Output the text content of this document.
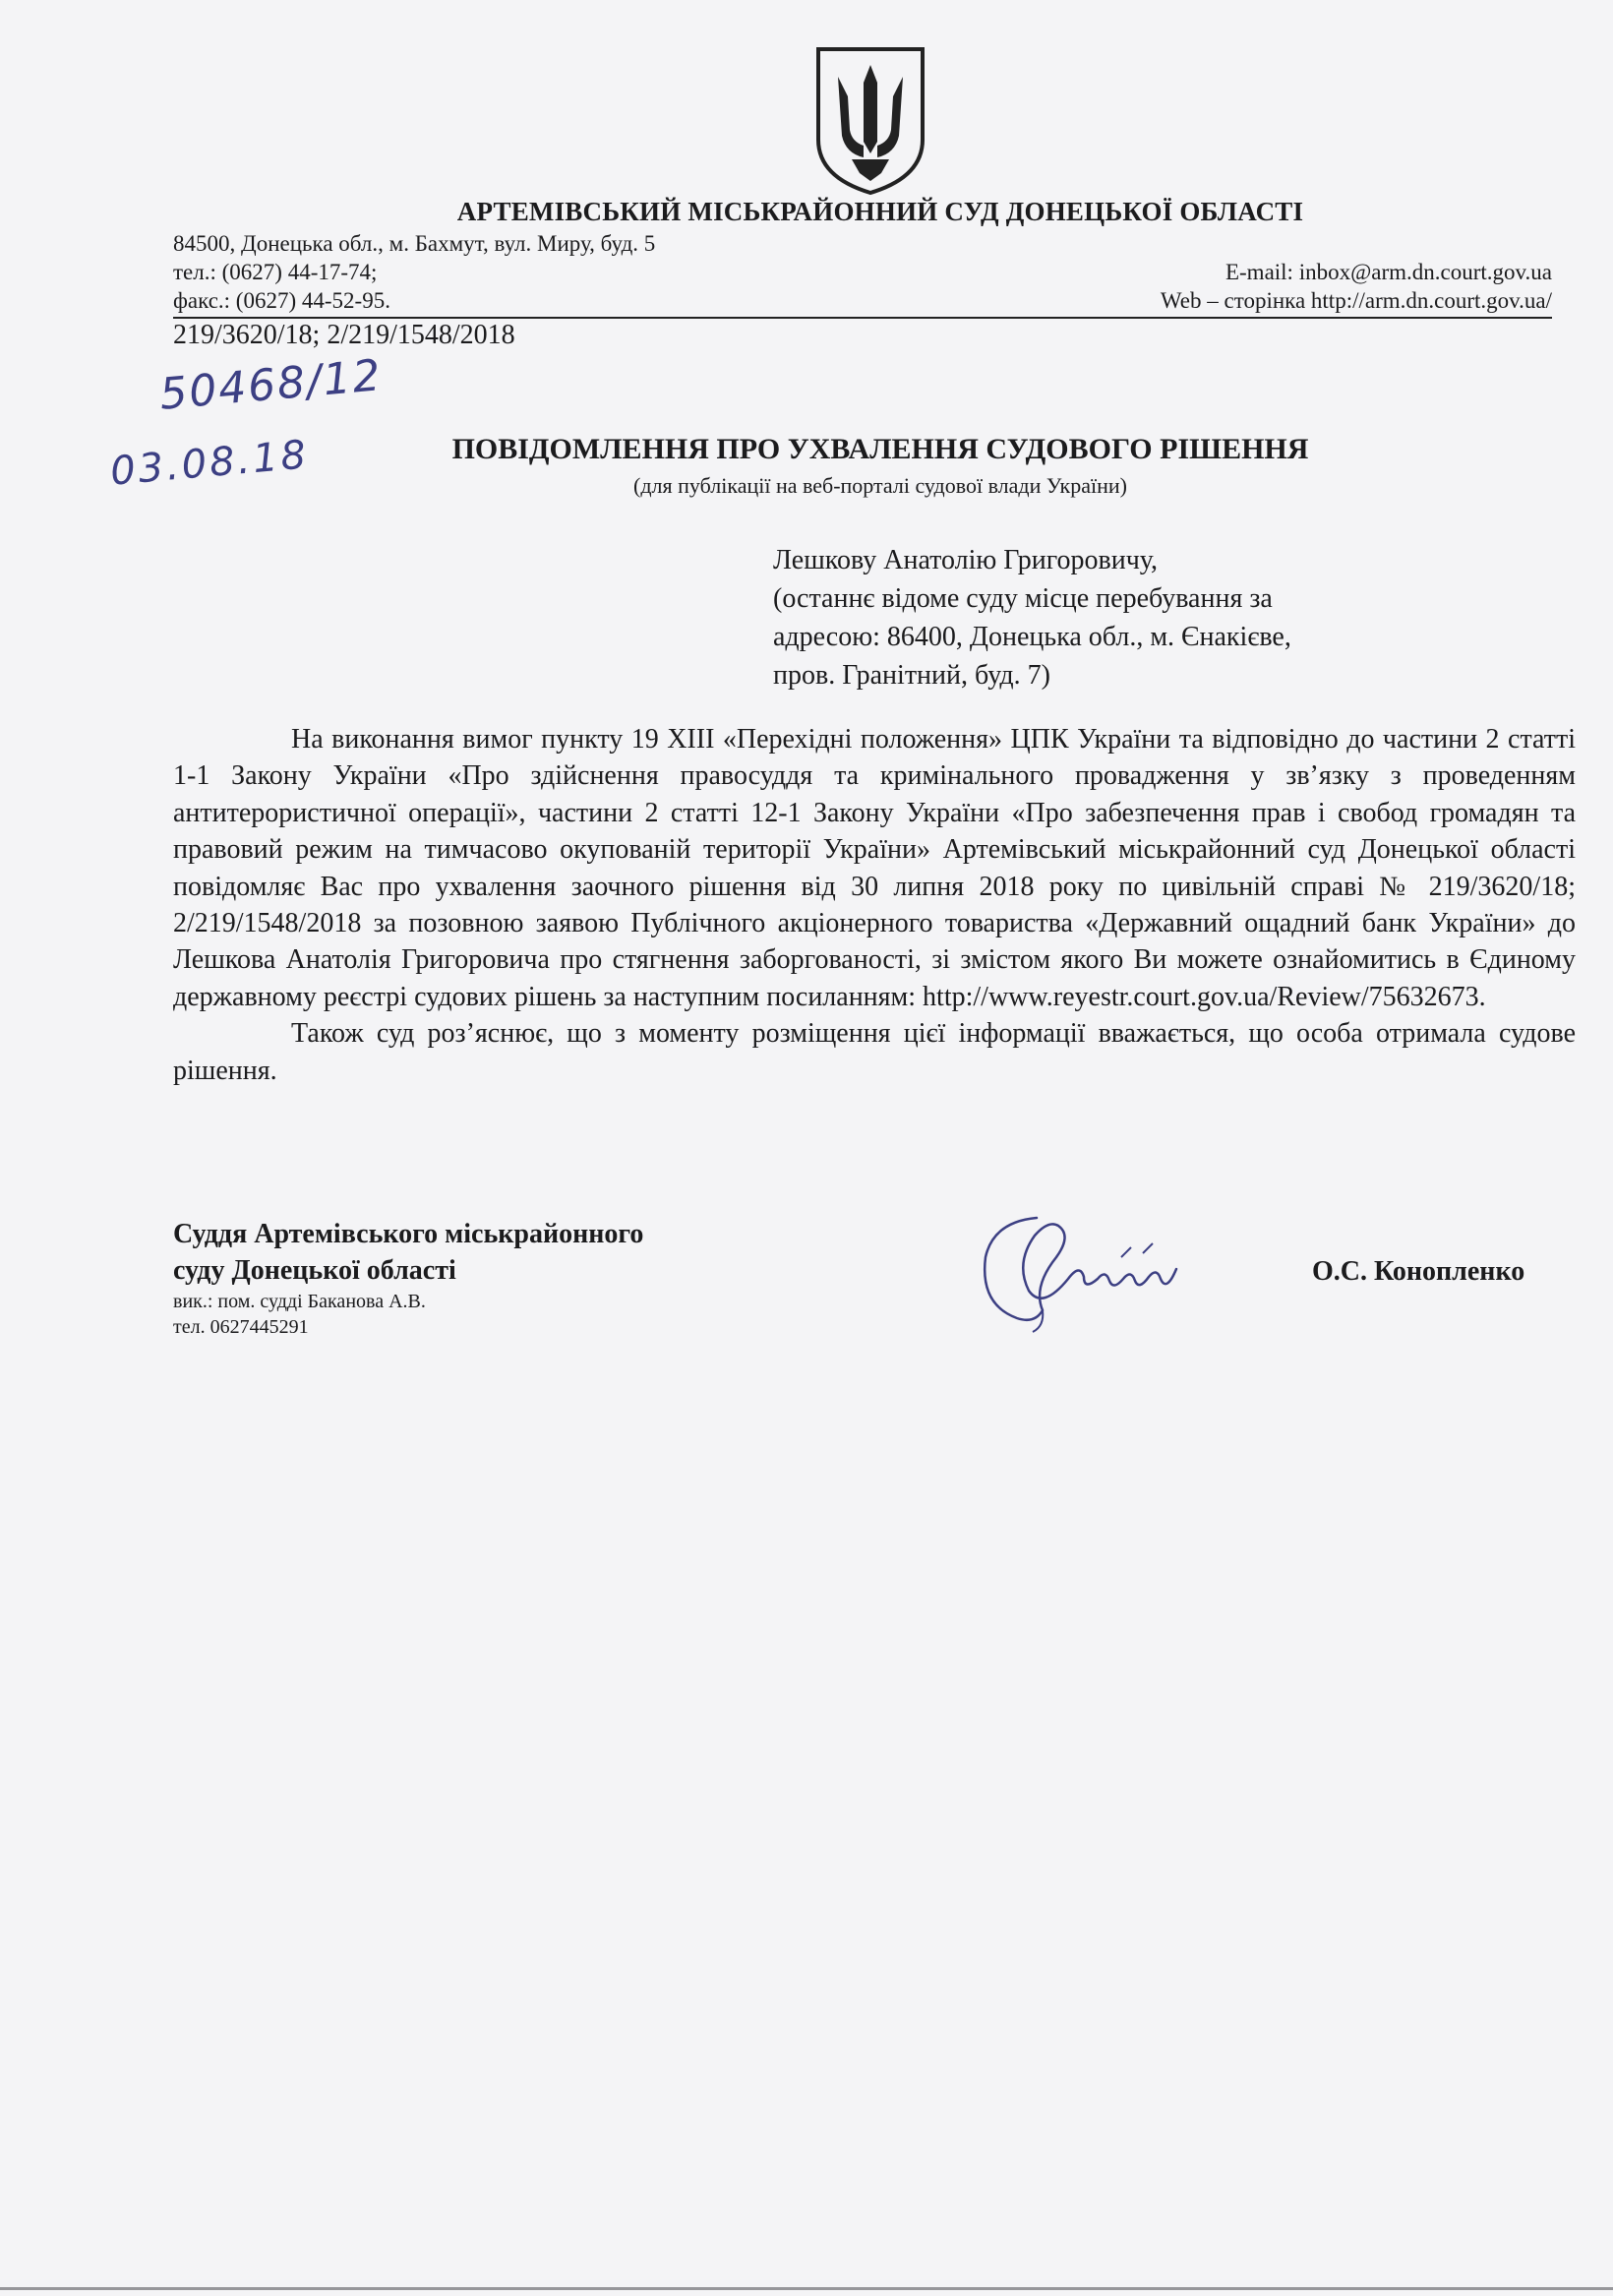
АРТЕМІВСЬКИЙ МІСЬКРАЙОННИЙ СУД ДОНЕЦЬКОЇ ОБЛАСТІ
84500, Донецька обл., м. Бахмут, вул. Миру, буд. 5
тел.: (0627) 44-17-74;	E-mail: inbox@arm.dn.court.gov.ua
факс.: (0627) 44-52-95.	Web – сторінка http://arm.dn.court.gov.ua/
219/3620/18; 2/219/1548/2018
50468/12
03.08.18	ПОВІДОМЛЕННЯ ПРО УХВАЛЕННЯ СУДОВОГО РІШЕННЯ
(для публікації на веб-порталі судової влади України)
Лешкову Анатолію Григоровичу,
(останнє відоме суду місце перебування за
адресою: 86400, Донецька обл., м. Єнакієве,
пров. Гранітний, буд. 7)

На виконання вимог пункту 19 XIII «Перехідні положення» ЦПК України та відповідно до частини 2 статті 1-1 Закону України «Про здійснення правосуддя та кримінального провадження у зв’язку з проведенням антитерористичної операції», частини 2 статті 12-1 Закону України «Про забезпечення прав і свобод громадян та правовий режим на тимчасово окупованій території України» Артемівський міськрайонний суд Донецької області повідомляє Вас про ухвалення заочного рішення від 30 липня 2018 року по цивільній справі № 219/3620/18; 2/219/1548/2018 за позовною заявою Публічного акціонерного товариства «Державний ощадний банк України» до Лешкова Анатолія Григоровича про стягнення заборгованості, зі змістом якого Ви можете ознайомитись в Єдиному державному реєстрі судових рішень за наступним посиланням: http://www.reyestr.court.gov.ua/Review/75632673.

Також суд роз’яснює, що з моменту розміщення цієї інформації вважається, що особа отримала судове рішення.

Суддя Артемівського міськрайонного
суду Донецької області
вик.: пом. судді Баканова А.В.
тел. 0627445291
О.С. Конопленко
